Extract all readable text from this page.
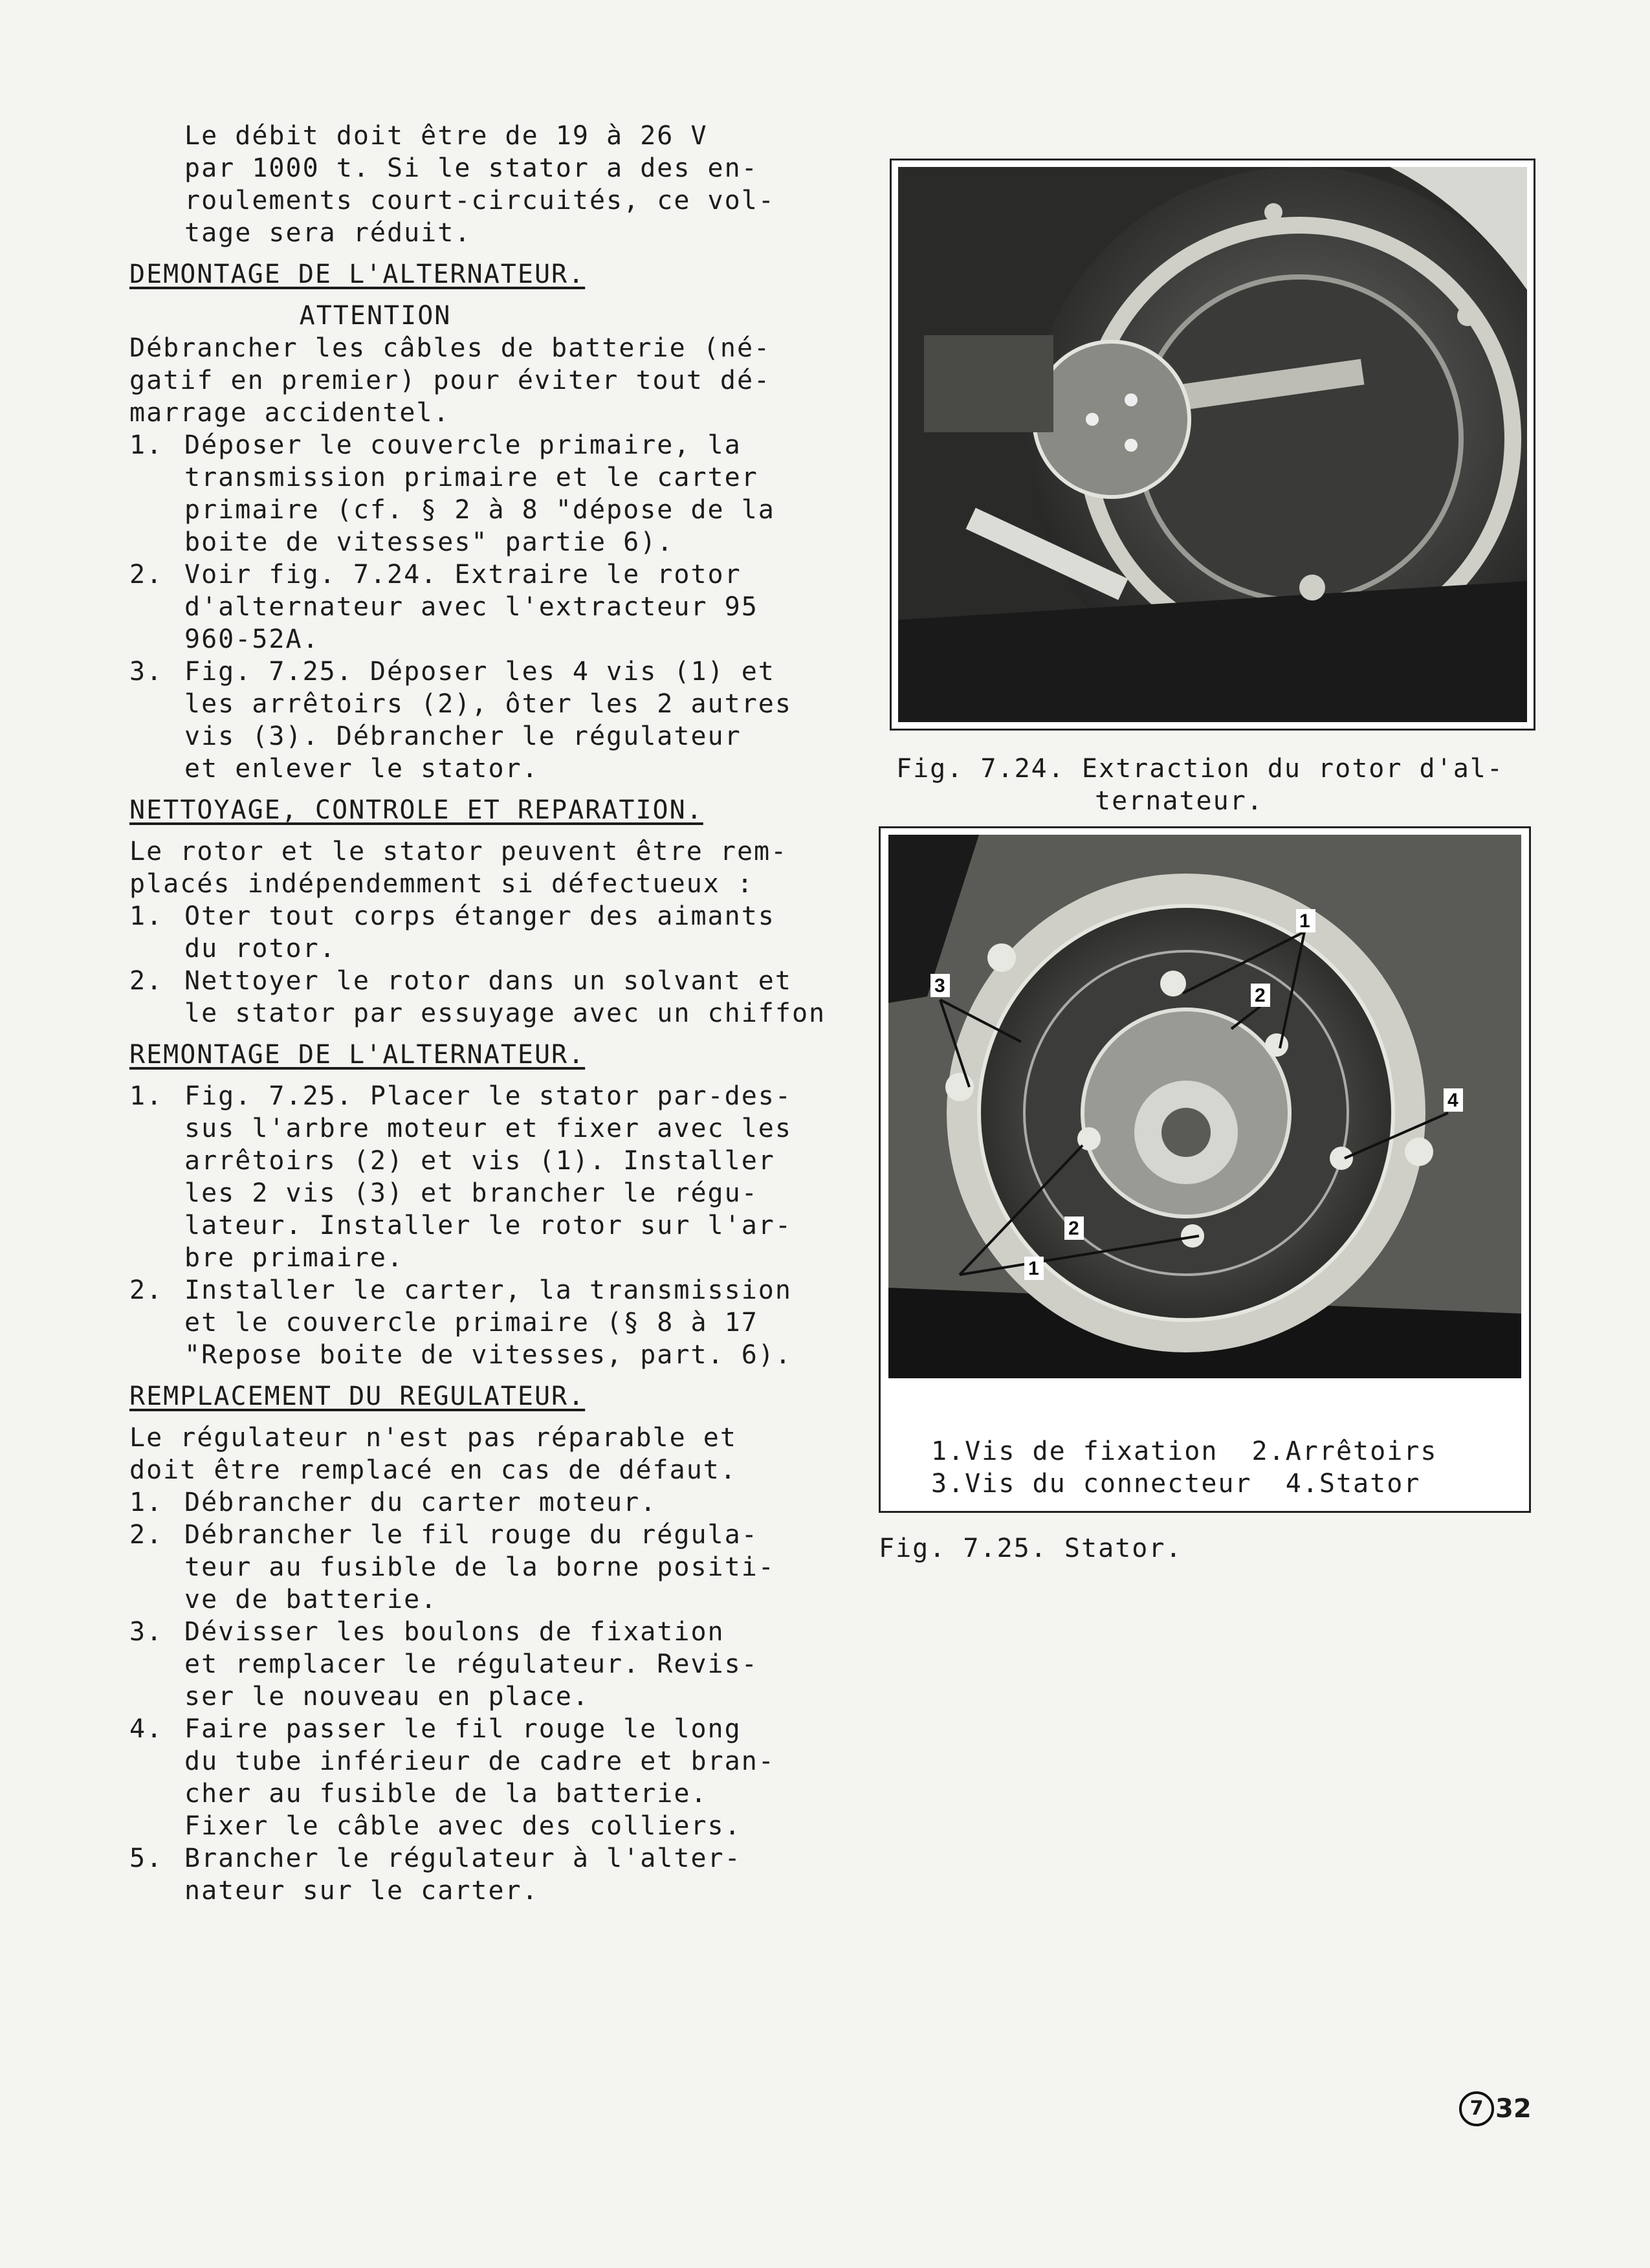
Le débit doit être de 19 à 26 V

par 1000 t. Si le stator a des en-

roulements court-circuités, ce vol-

tage sera réduit.

DEMONTAGE DE L'ALTERNATEUR.

ATTENTION

Débrancher les câbles de batterie (né-

gatif en premier) pour éviter tout dé-

marrage accidentel.

1. Déposer le couvercle primaire, la

transmission primaire et le carter

primaire (cf. § 2 à 8 "dépose de la

boite de vitesses" partie 6).

2. Voir fig. 7.24. Extraire le rotor

d'alternateur avec l'extracteur 95

960-52A.

3. Fig. 7.25. Déposer les 4 vis (1) et

les arrêtoirs (2), ôter les 2 autres

vis (3). Débrancher le régulateur

et enlever le stator.

NETTOYAGE, CONTROLE ET REPARATION.

Le rotor et le stator peuvent être rem-

placés indépendemment si défectueux :

1. Oter tout corps étanger des aimants

du rotor.

2. Nettoyer le rotor dans un solvant et

le stator par essuyage avec un chiffon

REMONTAGE DE L'ALTERNATEUR.
1. Fig. 7.25. Placer le stator par-des-

sus l'arbre moteur et fixer avec les

arrêtoirs (2) et vis (1). Installer

les 2 vis (3) et brancher le régu-

lateur. Installer le rotor sur l'ar-

bre primaire.

2. Installer le carter, la transmission

et le couvercle primaire (§ 8 à 17

"Repose boite de vitesses, part. 6).

REMPLACEMENT DU REGULATEUR.

Le régulateur n'est pas réparable et

doit être remplacé en cas de défaut.

1. Débrancher du carter moteur.

2. Débrancher le fil rouge du régula-

teur au fusible de la borne positi-

ve de batterie.

3. Dévisser les boulons de fixation

et remplacer le régulateur. Revis-

ser le nouveau en place.

4. Faire passer le fil rouge le long

du tube inférieur de cadre et bran-

cher au fusible de la batterie.

Fixer le câble avec des colliers.

5. Brancher le régulateur à l'alter-

nateur sur le carter.

Fig. 7.24. Extraction du rotor d'al-

ternateur.

1
2
3
4
2
1

1.Vis de fixation  2.Arrêtoirs

3.Vis du connecteur  4.Stator

Fig. 7.25. Stator.
7 32
